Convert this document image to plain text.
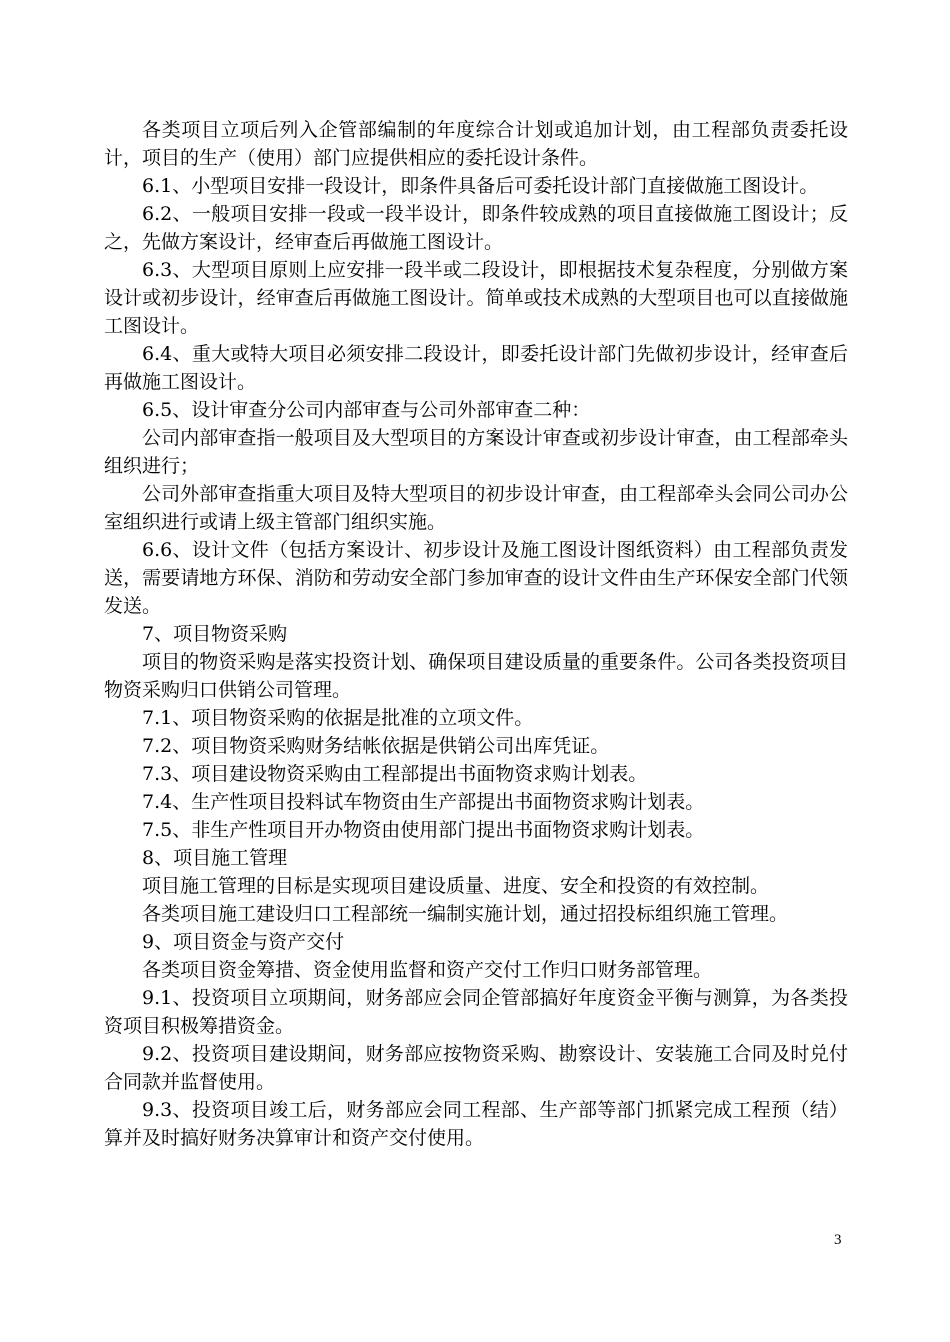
各类项目立项后列入企管部编制的年度综合计划或追加计划，由工程部负责委托设计，项目的生产（使用）部门应提供相应的委托设计条件。

6.1、小型项目安排一段设计，即条件具备后可委托设计部门直接做施工图设计。

6.2、一般项目安排一段或一段半设计，即条件较成熟的项目直接做施工图设计；反之，先做方案设计，经审查后再做施工图设计。

6.3、大型项目原则上应安排一段半或二段设计，即根据技术复杂程度，分别做方案设计或初步设计，经审查后再做施工图设计。简单或技术成熟的大型项目也可以直接做施工图设计。

6.4、重大或特大项目必须安排二段设计，即委托设计部门先做初步设计，经审查后再做施工图设计。

6.5、设计审查分公司内部审查与公司外部审查二种：

公司内部审查指一般项目及大型项目的方案设计审查或初步设计审查，由工程部牵头组织进行；

公司外部审查指重大项目及特大型项目的初步设计审查，由工程部牵头会同公司办公室组织进行或请上级主管部门组织实施。

6.6、设计文件（包括方案设计、初步设计及施工图设计图纸资料）由工程部负责发送，需要请地方环保、消防和劳动安全部门参加审查的设计文件由生产环保安全部门代领发送。

7、项目物资采购

项目的物资采购是落实投资计划、确保项目建设质量的重要条件。公司各类投资项目物资采购归口供销公司管理。

7.1、项目物资采购的依据是批准的立项文件。

7.2、项目物资采购财务结帐依据是供销公司出库凭证。

7.3、项目建设物资采购由工程部提出书面物资求购计划表。

7.4、生产性项目投料试车物资由生产部提出书面物资求购计划表。

7.5、非生产性项目开办物资由使用部门提出书面物资求购计划表。

8、项目施工管理

项目施工管理的目标是实现项目建设质量、进度、安全和投资的有效控制。

各类项目施工建设归口工程部统一编制实施计划，通过招投标组织施工管理。

9、项目资金与资产交付

各类项目资金筹措、资金使用监督和资产交付工作归口财务部管理。

9.1、投资项目立项期间，财务部应会同企管部搞好年度资金平衡与测算，为各类投资项目积极筹措资金。

9.2、投资项目建设期间，财务部应按物资采购、勘察设计、安装施工合同及时兑付合同款并监督使用。

9.3、投资项目竣工后，财务部应会同工程部、生产部等部门抓紧完成工程预（结）算并及时搞好财务决算审计和资产交付使用。

3
